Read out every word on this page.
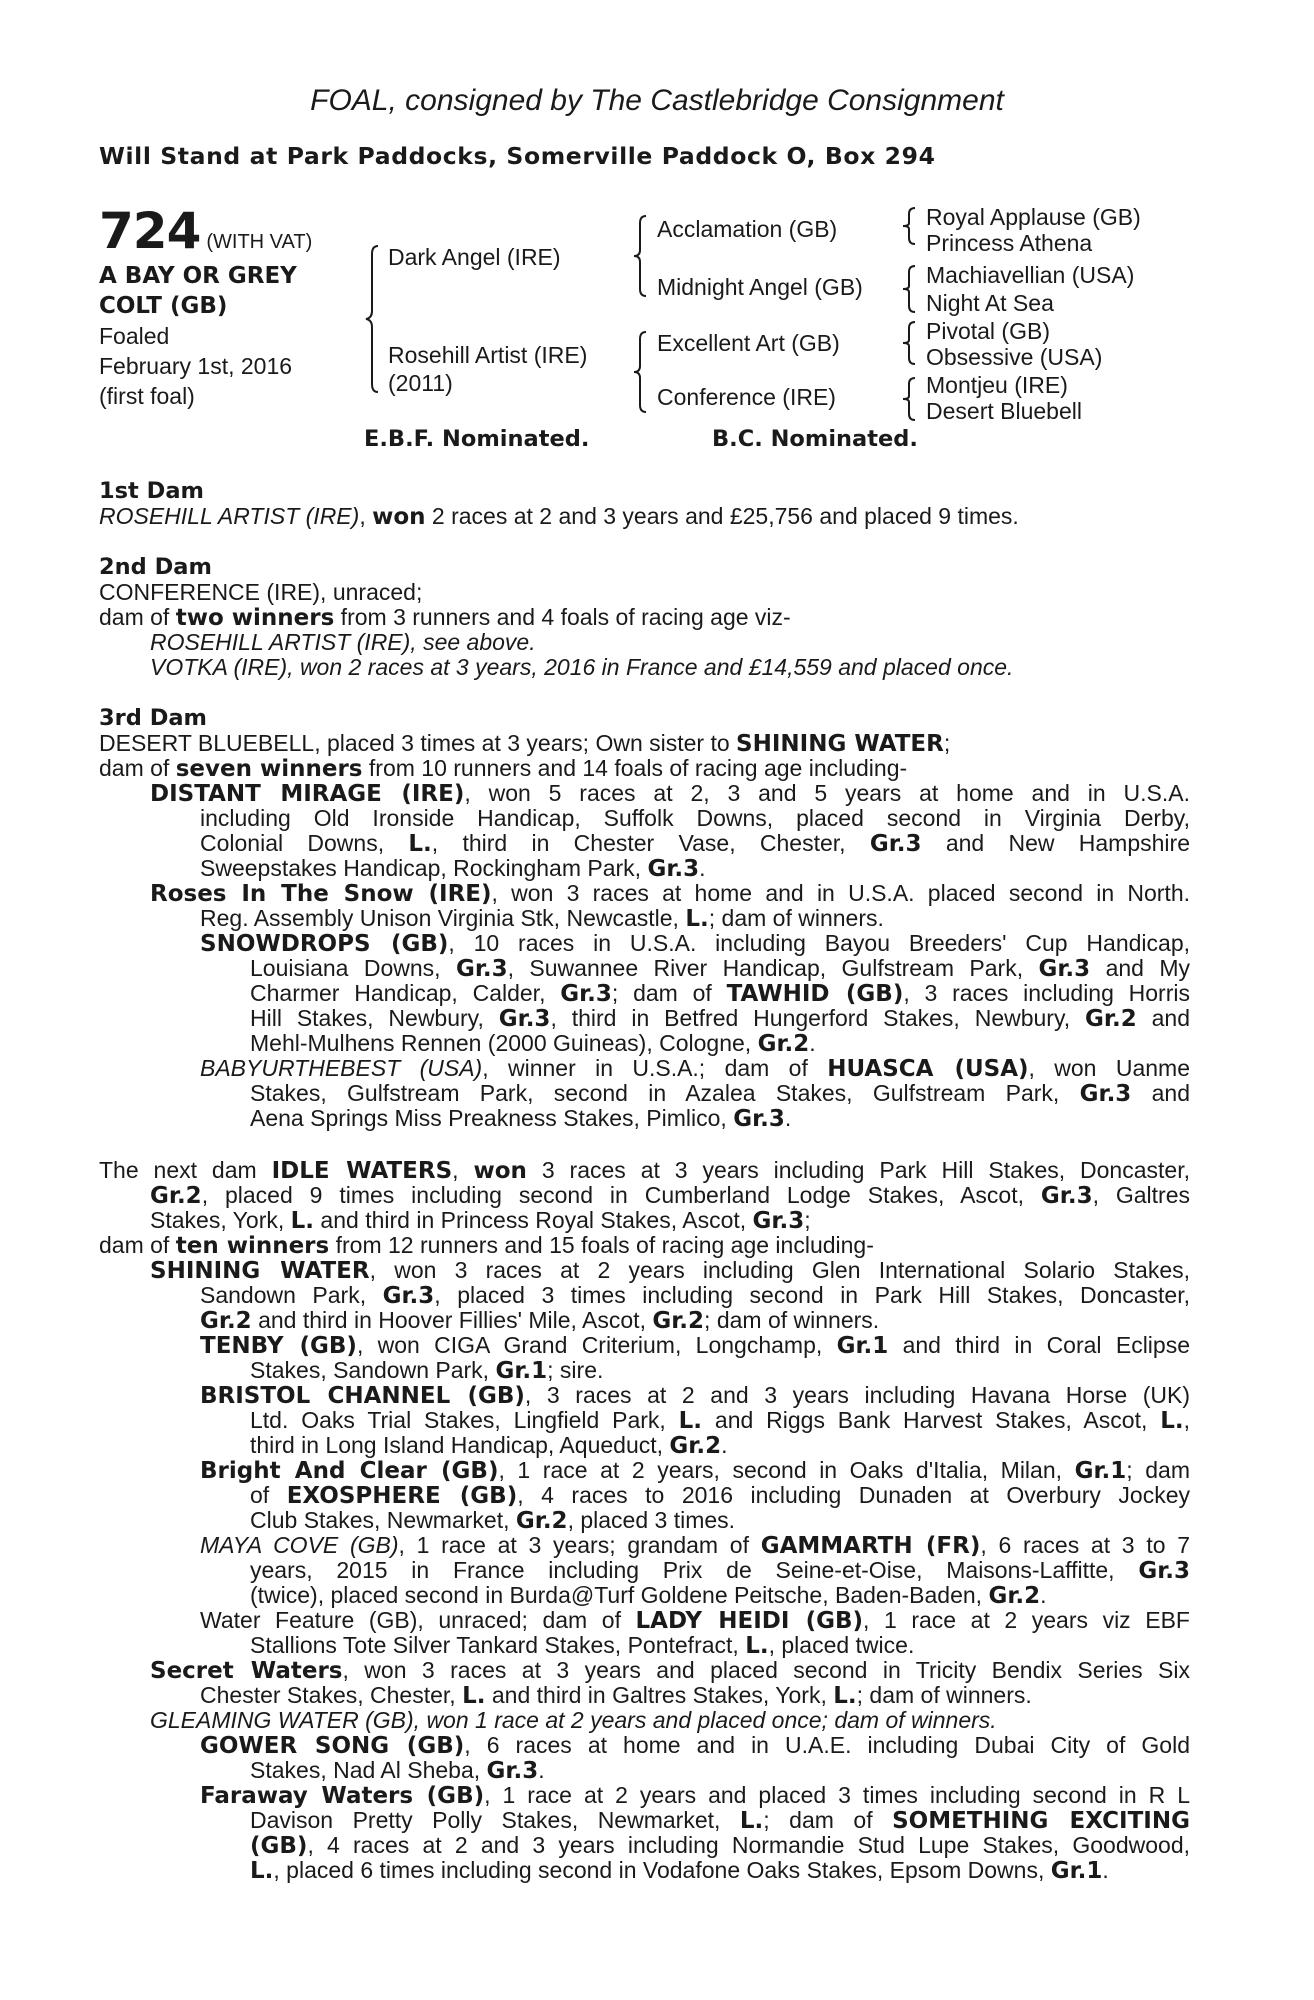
FOAL, consigned by The Castlebridge Consignment
Will Stand at Park Paddocks, Somerville Paddock O, Box 294
724 (WITH VAT)
A BAY OR GREY
COLT (GB)
Foaled
February 1st, 2016
(first foal)
Dark Angel (IRE)
Rosehill Artist (IRE)
(2011)
Acclamation (GB)
Midnight Angel (GB)
Excellent Art (GB)
Conference (IRE)
Royal Applause (GB)
Princess Athena
Machiavellian (USA)
Night At Sea
Pivotal (GB)
Obsessive (USA)
Montjeu (IRE)
Desert Bluebell
E.B.F. Nominated.	B.C. Nominated.
1st Dam
ROSEHILL ARTIST (IRE), won 2 races at 2 and 3 years and £25,756 and placed 9 times.
2nd Dam
CONFERENCE (IRE), unraced;
dam of two winners from 3 runners and 4 foals of racing age viz-
ROSEHILL ARTIST (IRE), see above.
VOTKA (IRE), won 2 races at 3 years, 2016 in France and £14,559 and placed once.
3rd Dam
DESERT BLUEBELL, placed 3 times at 3 years; Own sister to SHINING WATER;
dam of seven winners from 10 runners and 14 foals of racing age including-
DISTANT MIRAGE (IRE), won 5 races at 2, 3 and 5 years at home and in U.S.A.
including Old Ironside Handicap, Suffolk Downs, placed second in Virginia Derby,
Colonial Downs, L., third in Chester Vase, Chester, Gr.3 and New Hampshire
Sweepstakes Handicap, Rockingham Park, Gr.3.
Roses In The Snow (IRE), won 3 races at home and in U.S.A. placed second in North.
Reg. Assembly Unison Virginia Stk, Newcastle, L.; dam of winners.
SNOWDROPS (GB), 10 races in U.S.A. including Bayou Breeders' Cup Handicap,
Louisiana Downs, Gr.3, Suwannee River Handicap, Gulfstream Park, Gr.3 and My
Charmer Handicap, Calder, Gr.3; dam of TAWHID (GB), 3 races including Horris
Hill Stakes, Newbury, Gr.3, third in Betfred Hungerford Stakes, Newbury, Gr.2 and
Mehl-Mulhens Rennen (2000 Guineas), Cologne, Gr.2.
BABYURTHEBEST (USA), winner in U.S.A.; dam of HUASCA (USA), won Uanme
Stakes, Gulfstream Park, second in Azalea Stakes, Gulfstream Park, Gr.3 and
Aena Springs Miss Preakness Stakes, Pimlico, Gr.3.
The next dam IDLE WATERS, won 3 races at 3 years including Park Hill Stakes, Doncaster,
Gr.2, placed 9 times including second in Cumberland Lodge Stakes, Ascot, Gr.3, Galtres
Stakes, York, L. and third in Princess Royal Stakes, Ascot, Gr.3;
dam of ten winners from 12 runners and 15 foals of racing age including-
SHINING WATER, won 3 races at 2 years including Glen International Solario Stakes,
Sandown Park, Gr.3, placed 3 times including second in Park Hill Stakes, Doncaster,
Gr.2 and third in Hoover Fillies' Mile, Ascot, Gr.2; dam of winners.
TENBY (GB), won CIGA Grand Criterium, Longchamp, Gr.1 and third in Coral Eclipse
Stakes, Sandown Park, Gr.1; sire.
BRISTOL CHANNEL (GB), 3 races at 2 and 3 years including Havana Horse (UK)
Ltd. Oaks Trial Stakes, Lingfield Park, L. and Riggs Bank Harvest Stakes, Ascot, L.,
third in Long Island Handicap, Aqueduct, Gr.2.
Bright And Clear (GB), 1 race at 2 years, second in Oaks d'Italia, Milan, Gr.1; dam
of EXOSPHERE (GB), 4 races to 2016 including Dunaden at Overbury Jockey
Club Stakes, Newmarket, Gr.2, placed 3 times.
MAYA COVE (GB), 1 race at 3 years; grandam of GAMMARTH (FR), 6 races at 3 to 7
years, 2015 in France including Prix de Seine-et-Oise, Maisons-Laffitte, Gr.3
(twice), placed second in Burda@Turf Goldene Peitsche, Baden-Baden, Gr.2.
Water Feature (GB), unraced; dam of LADY HEIDI (GB), 1 race at 2 years viz EBF
Stallions Tote Silver Tankard Stakes, Pontefract, L., placed twice.
Secret Waters, won 3 races at 3 years and placed second in Tricity Bendix Series Six
Chester Stakes, Chester, L. and third in Galtres Stakes, York, L.; dam of winners.
GLEAMING WATER (GB), won 1 race at 2 years and placed once; dam of winners.
GOWER SONG (GB), 6 races at home and in U.A.E. including Dubai City of Gold
Stakes, Nad Al Sheba, Gr.3.
Faraway Waters (GB), 1 race at 2 years and placed 3 times including second in R L
Davison Pretty Polly Stakes, Newmarket, L.; dam of SOMETHING EXCITING
(GB), 4 races at 2 and 3 years including Normandie Stud Lupe Stakes, Goodwood,
L., placed 6 times including second in Vodafone Oaks Stakes, Epsom Downs, Gr.1.
